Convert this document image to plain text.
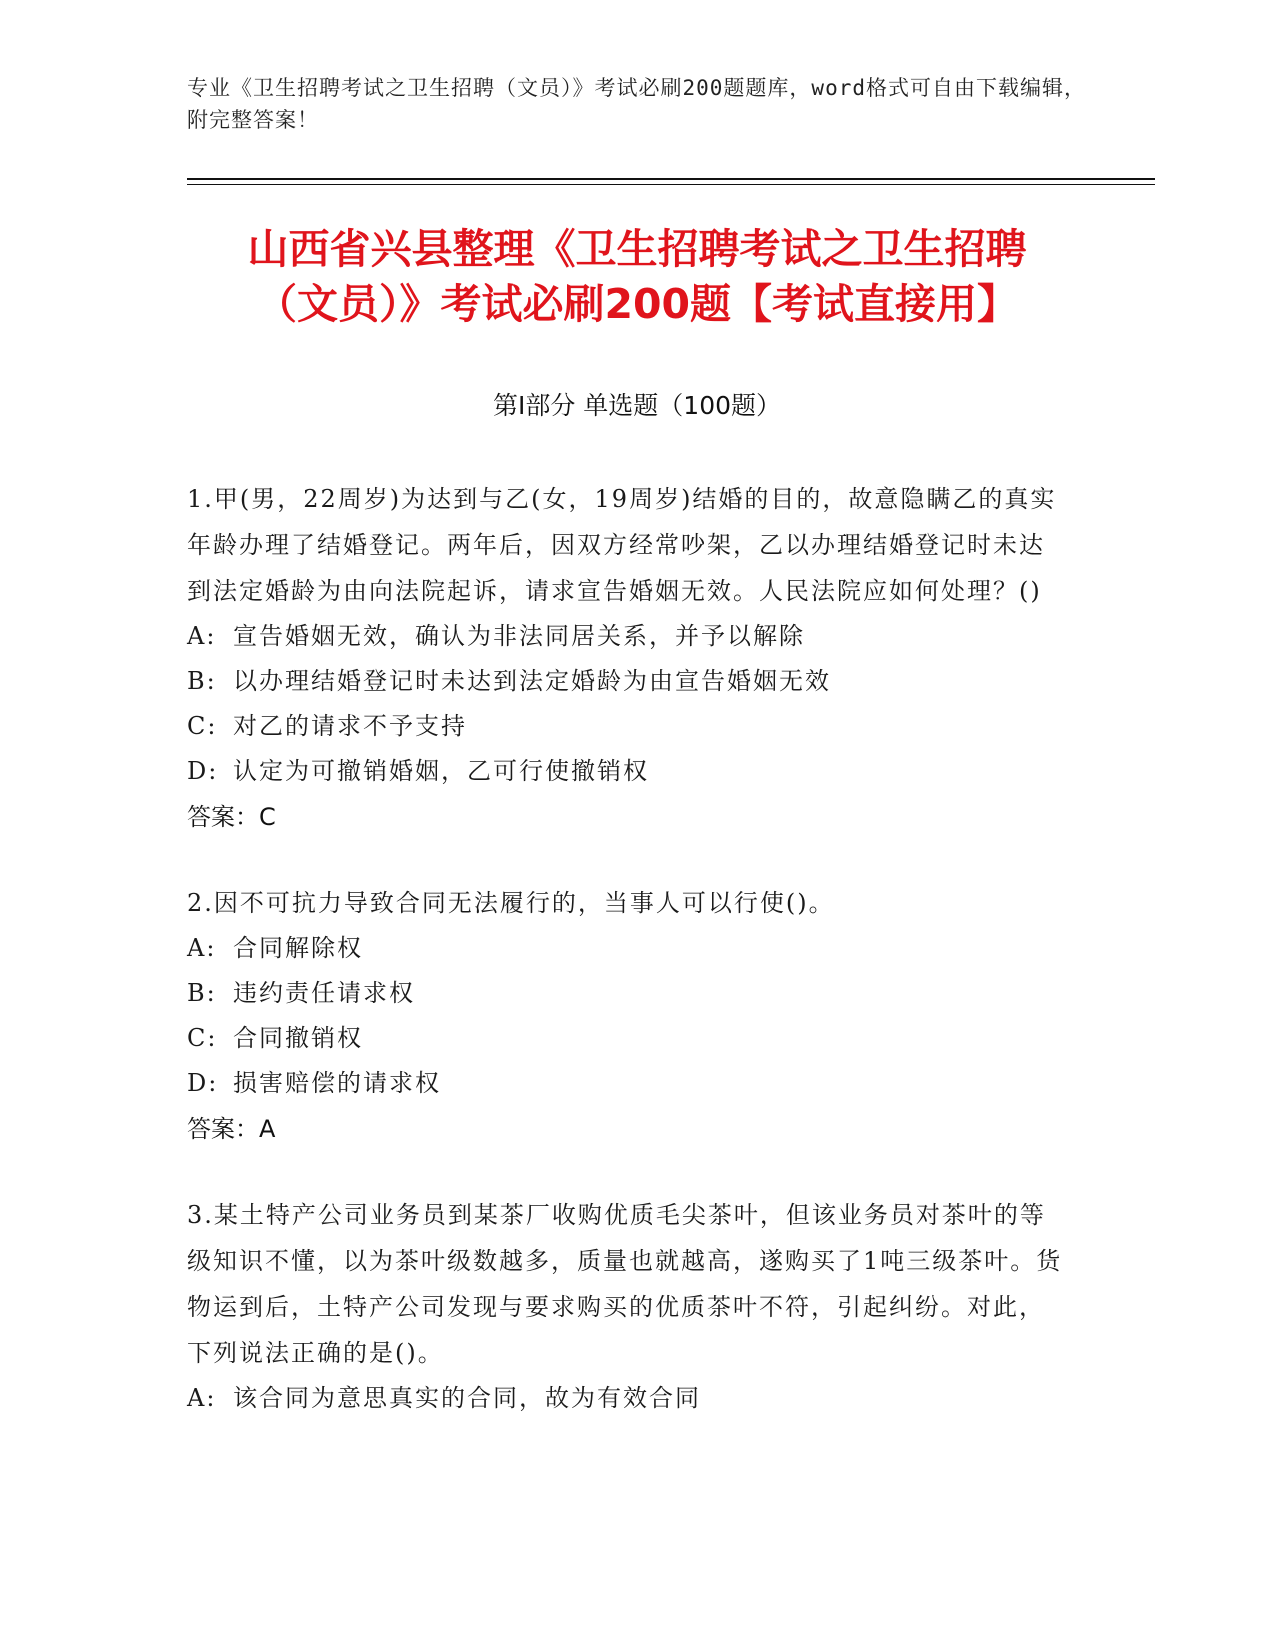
专业《卫生招聘考试之卫生招聘（文员）》考试必刷200题题库，word格式可自由下载编辑，附完整答案！
山西省兴县整理《卫生招聘考试之卫生招聘
（文员）》考试必刷200题【考试直接用】
第I部分 单选题（100题）
1.甲(男，22周岁)为达到与乙(女，19周岁)结婚的目的，故意隐瞒乙的真实年龄办理了结婚登记。两年后，因双方经常吵架，乙以办理结婚登记时未达到法定婚龄为由向法院起诉，请求宣告婚姻无效。人民法院应如何处理？()
A: 宣告婚姻无效，确认为非法同居关系，并予以解除
B: 以办理结婚登记时未达到法定婚龄为由宣告婚姻无效
C: 对乙的请求不予支持
D: 认定为可撤销婚姻，乙可行使撤销权
答案：C
2.因不可抗力导致合同无法履行的，当事人可以行使()。
A: 合同解除权
B: 违约责任请求权
C: 合同撤销权
D: 损害赔偿的请求权
答案：A
3.某土特产公司业务员到某茶厂收购优质毛尖茶叶，但该业务员对茶叶的等级知识不懂，以为茶叶级数越多，质量也就越高，遂购买了1吨三级茶叶。货物运到后，土特产公司发现与要求购买的优质茶叶不符，引起纠纷。对此，下列说法正确的是()。
A: 该合同为意思真实的合同，故为有效合同
